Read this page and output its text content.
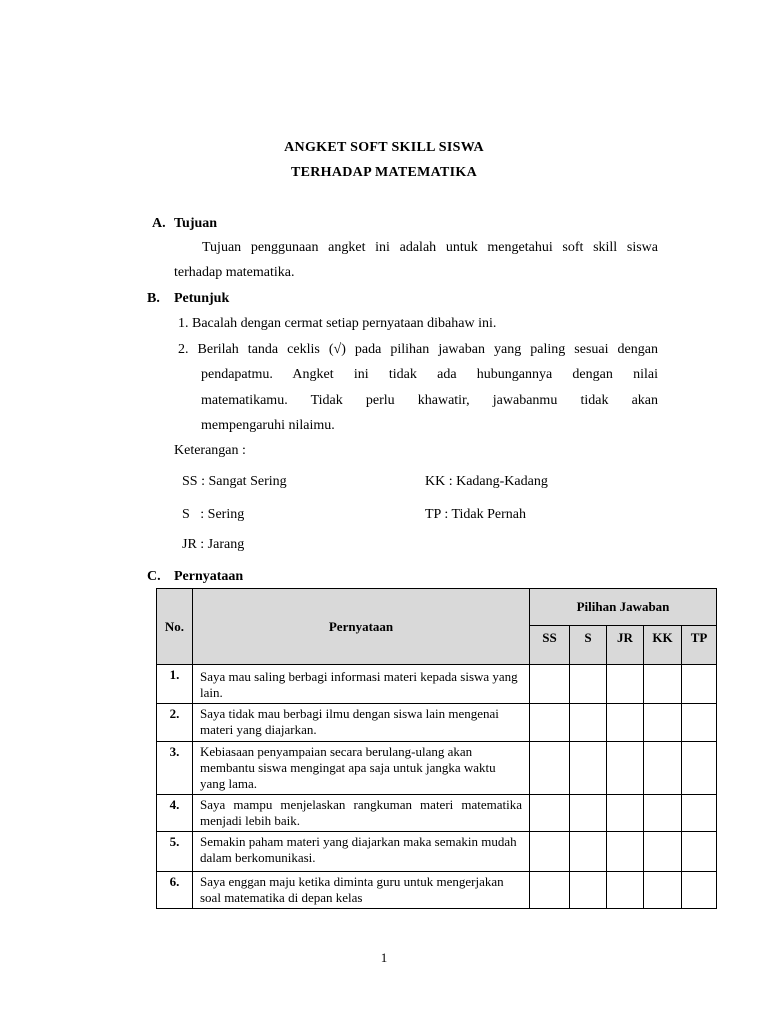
ANGKET SOFT SKILL SISWA
TERHADAP MATEMATIKA
A. Tujuan
Tujuan penggunaan angket ini adalah untuk mengetahui soft skill siswa
terhadap matematika.
B. Petunjuk
1. Bacalah dengan cermat setiap pernyataan dibahaw ini.
2. Berilah tanda ceklis (√) pada pilihan jawaban yang paling sesuai dengan
pendapatmu. Angket ini tidak ada hubungannya dengan nilai
matematikamu. Tidak perlu khawatir, jawabanmu tidak akan
mempengaruhi nilaimu.
Keterangan :
SS : Sangat Sering	KK : Kadang-Kadang
S   : Sering	TP : Tidak Pernah
JR : Jarang
C. Pernyataan
No.	Pernyataan	Pilihan Jawaban				
		SS	S	JR	KK	TP
1.	Saya mau saling berbagi informasi materi kepada siswa yang lain.					
2.	Saya tidak mau berbagi ilmu dengan siswa lain mengenai materi yang diajarkan.					
3.	Kebiasaan penyampaian secara berulang-ulang akan membantu siswa mengingat apa saja untuk jangka waktu yang lama.					
4.	Saya mampu menjelaskan rangkuman materi matematika menjadi lebih baik.					
5.	Semakin paham materi yang diajarkan maka semakin mudah dalam berkomunikasi.					
6.	Saya enggan maju ketika diminta guru untuk mengerjakan soal matematika di depan kelas					
1
